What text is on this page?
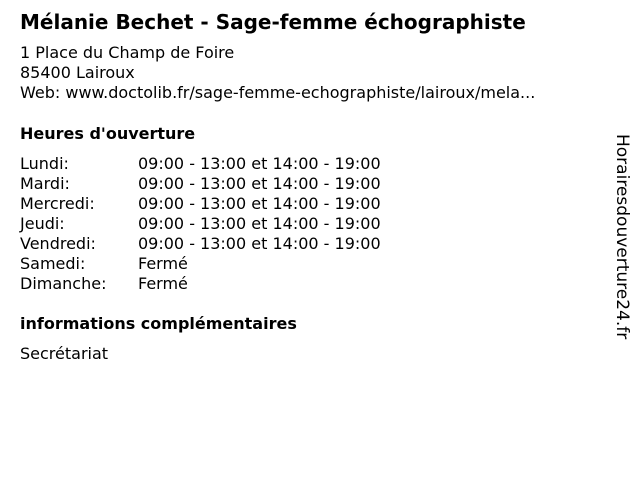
Mélanie Bechet - Sage-femme échographiste
1 Place du Champ de Foire
85400 Lairoux
Web: www.doctolib.fr/sage-femme-echographiste/lairoux/mela...
Heures d'ouverture
Lundi:	09:00 - 13:00 et 14:00 - 19:00
Mardi:	09:00 - 13:00 et 14:00 - 19:00
Mercredi:	09:00 - 13:00 et 14:00 - 19:00
Jeudi:	09:00 - 13:00 et 14:00 - 19:00
Vendredi:	09:00 - 13:00 et 14:00 - 19:00
Samedi:	Fermé
Dimanche: Fermé
informations complémentaires
Secrétariat
Horairesdouverture24.fr
